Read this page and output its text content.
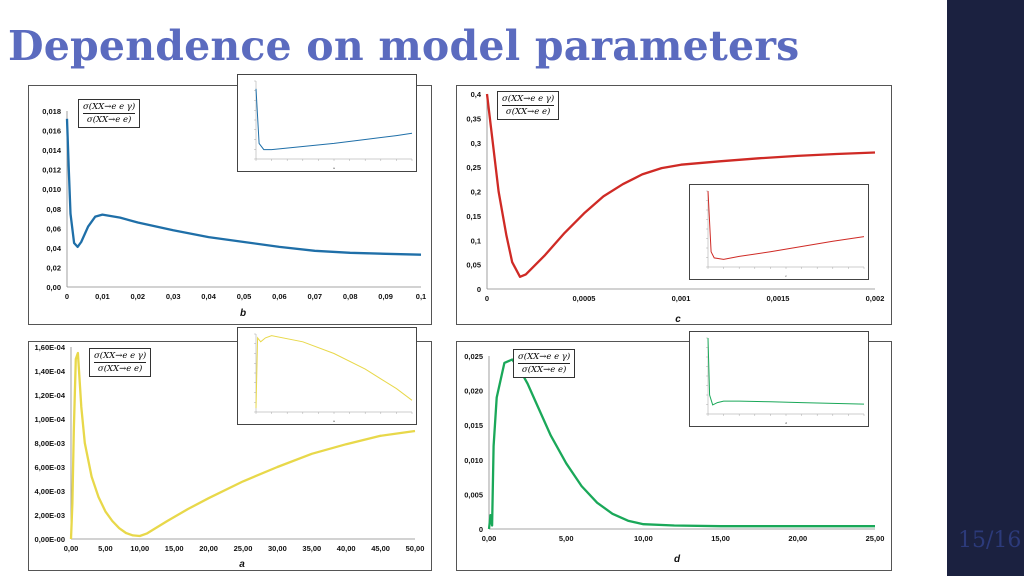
Dependence on model parameters
15/16
0	0,01	0,02	0,03	0,04	0,05	0,06	0,07	0,08	0,09	0,1
0,00
0,02
0,04
0,06
0,08
0,010
0,012
0,014
0,016
0,018
b
$\frac{\text{σ(XX→e e γ)}}{\text{σ(XX→e e)}}$
a
0	0,0005	0,001	0,0015	0,002
0
0,05
0,1
0,15
0,2
0,25
0,3
0,35
0,4
c
$\frac{\text{σ(XX→e e γ)}}{\text{σ(XX→e e)}}$
c
0,00	5,00 10,00 15,00 20,00 25,00 30,00 35,00 40,00 45,00 50,00
0,00E-00
2,00E-03
4,00E-03
6,00E-03
8,00E-03
1,00E-04
1,20E-04
1,40E-04
1,60E-04
a
$\frac{\text{σ(XX→e e γ)}}{\text{σ(XX→e e)}}$
a
0,00	5,00	10,00	15,00	20,00	25,00
0
0,005
0,010
0,015
0,020
0,025
d
$\frac{\text{σ(XX→e e γ)}}{\text{σ(XX→e e)}}$
d
